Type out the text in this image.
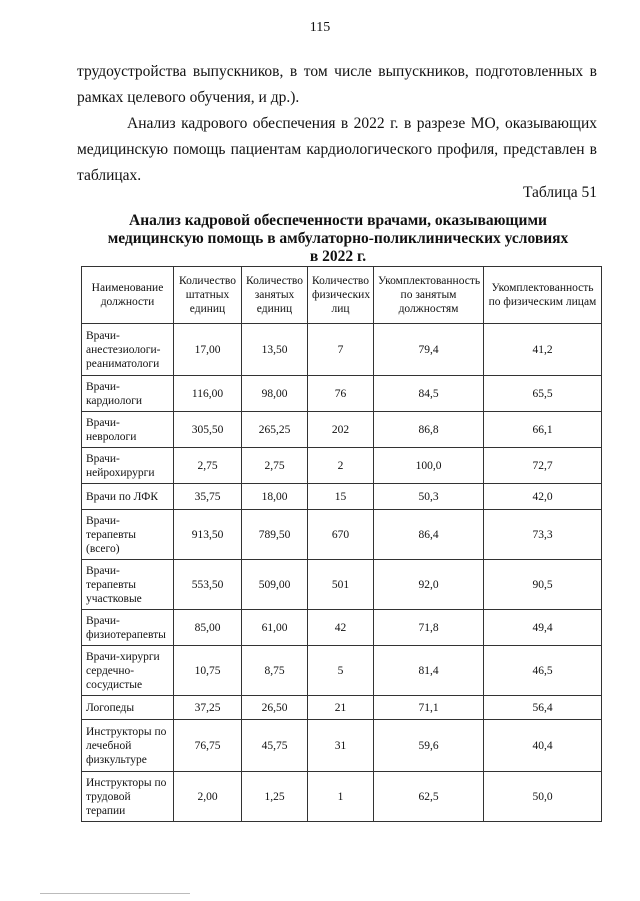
115

трудоустройства выпускников, в том числе выпускников, подготовленных в рамках целевого обучения, и др.).

Анализ кадрового обеспечения в 2022 г. в разрезе МО, оказывающих медицинскую помощь пациентам кардиологического профиля, представлен в таблицах.

Таблица 51
Анализ кадровой обеспеченности врачами, оказывающими
медицинскую помощь в амбулаторно-поликлинических условиях
в 2022 г.
Наименование должности	Количество штатных единиц	Количество занятых единиц	Количество физических лиц	Укомплектованность по занятым должностям	Укомплектованность по физическим лицам
Врачи-анестезиологи-реаниматологи	17,00	13,50	7	79,4	41,2
Врачи-кардиологи	116,00	98,00	76	84,5	65,5
Врачи-неврологи	305,50	265,25	202	86,8	66,1
Врачи-нейрохирурги	2,75	2,75	2	100,0	72,7
Врачи по ЛФК	35,75	18,00	15	50,3	42,0
Врачи-терапевты (всего)	913,50	789,50	670	86,4	73,3
Врачи-терапевты участковые	553,50	509,00	501	92,0	90,5
Врачи-физиотерапевты	85,00	61,00	42	71,8	49,4
Врачи-хирурги сердечно-сосудистые	10,75	8,75	5	81,4	46,5
Логопеды	37,25	26,50	21	71,1	56,4
Инструкторы по лечебной физкультуре	76,75	45,75	31	59,6	40,4
Инструкторы по трудовой терапии	2,00	1,25	1	62,5	50,0
